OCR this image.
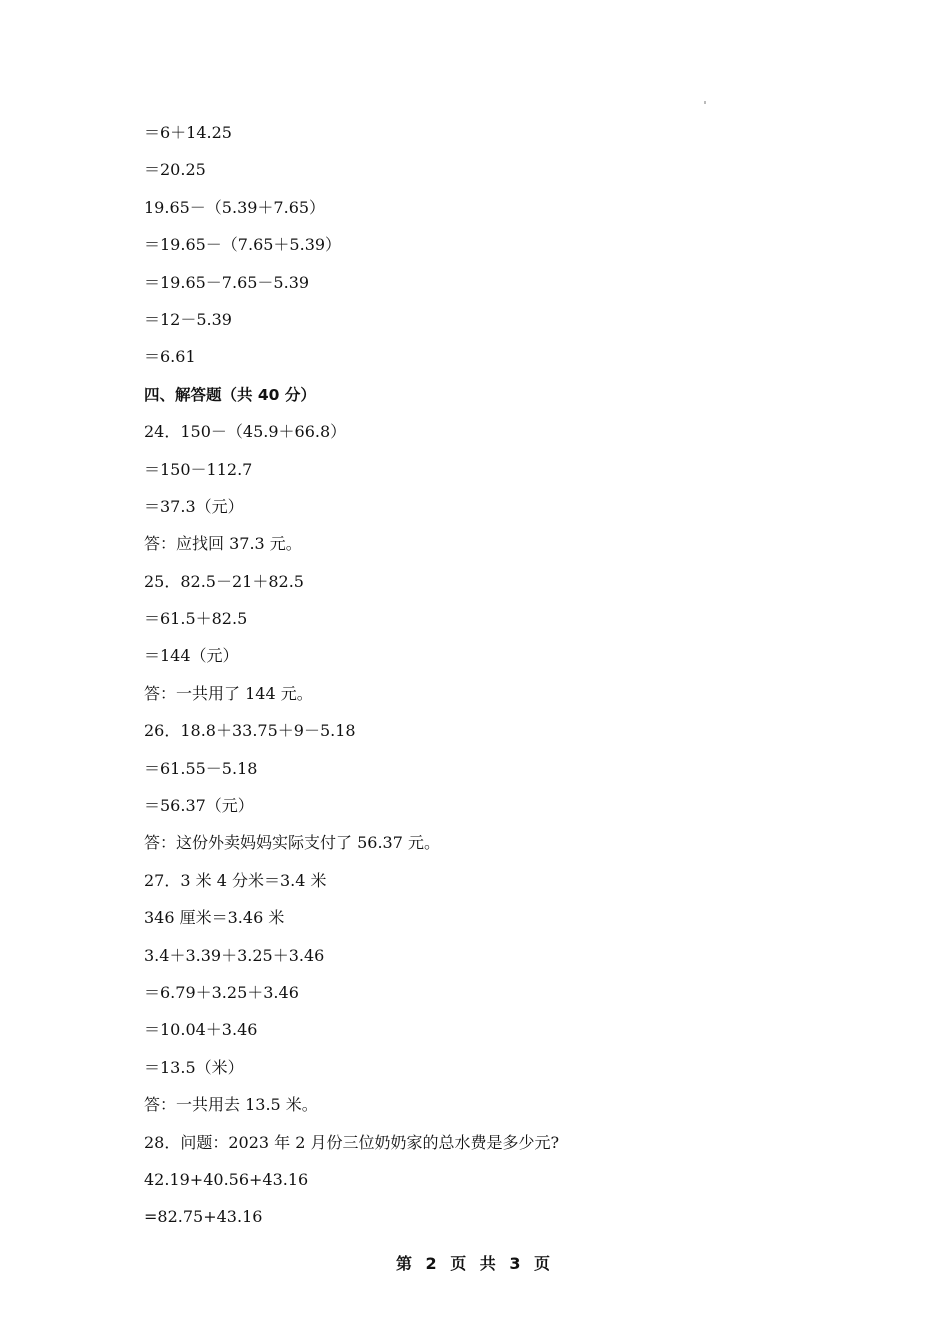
＝6＋14.25
＝20.25
19.65－（5.39＋7.65）
＝19.65－（7.65＋5.39）
＝19.65－7.65－5.39
＝12－5.39
＝6.61
四、解答题（共 40 分）
24．150－（45.9＋66.8）
＝150－112.7
＝37.3（元）
答：应找回 37.3 元。
25．82.5－21＋82.5
＝61.5＋82.5
＝144（元）
答：一共用了 144 元。
26．18.8＋33.75＋9－5.18
＝61.55－5.18
＝56.37（元）
答：这份外卖妈妈实际支付了 56.37 元。
27．3 米 4 分米＝3.4 米
346 厘米＝3.46 米
3.4＋3.39＋3.25＋3.46
＝6.79＋3.25＋3.46
＝10.04＋3.46
＝13.5（米）
答：一共用去 13.5 米。
28．问题：2023 年 2 月份三位奶奶家的总水费是多少元?
42.19+40.56+43.16
=82.75+43.16
第 2 页 共 3 页
